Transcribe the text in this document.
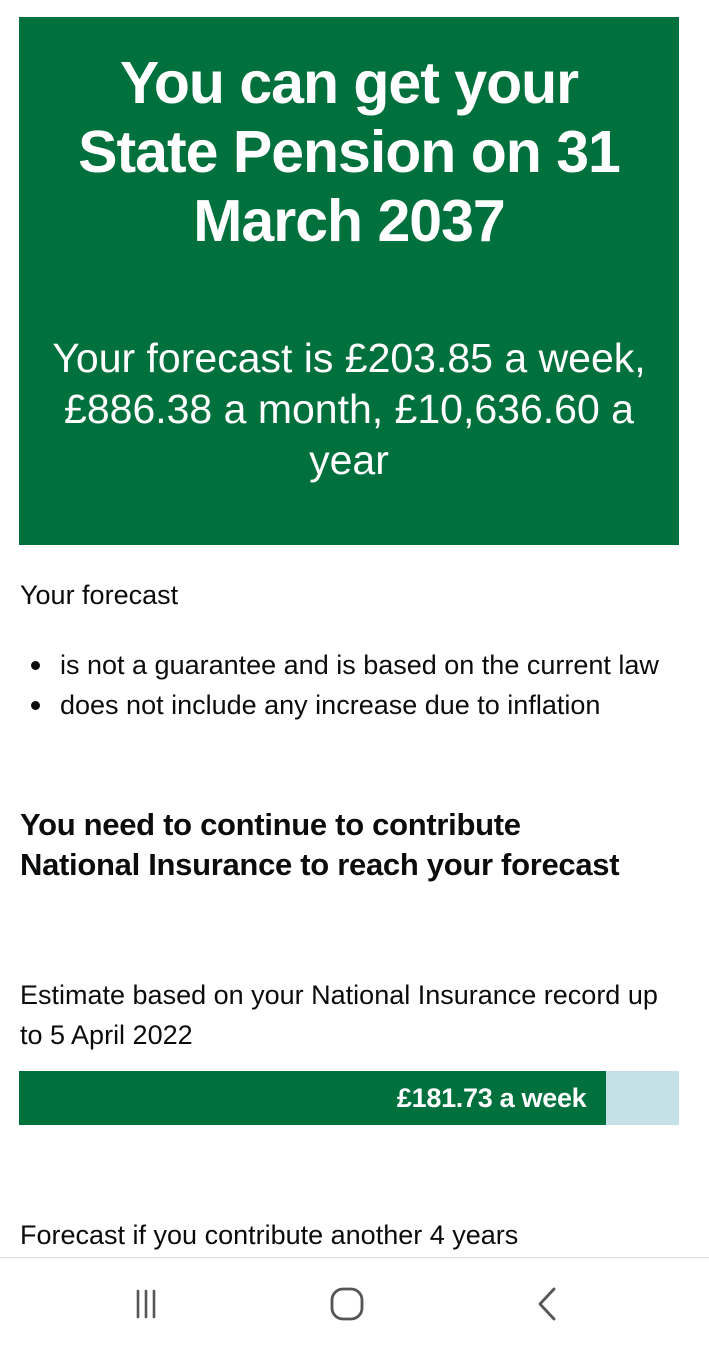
You can get your State Pension on 31 March 2037

Your forecast is £203.85 a week, £886.38 a month, £10,636.60 a year

Your forecast

is not a guarantee and is based on the current law
does not include any increase due to inflation
You need to continue to contribute National Insurance to reach your forecast

Estimate based on your National Insurance record up to 5 April 2022

£181.73 a week

Forecast if you contribute another 4 years
